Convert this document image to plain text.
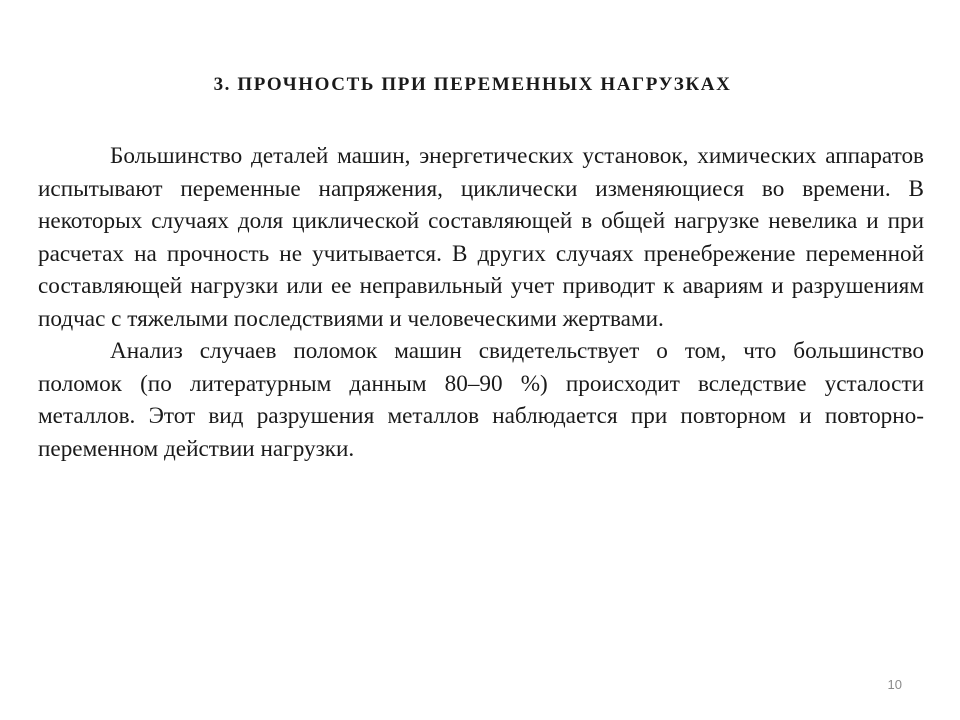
3. ПРОЧНОСТЬ ПРИ ПЕРЕМЕННЫХ НАГРУЗКАХ

Большинство деталей машин, энергетических установок, химических аппаратов испытывают переменные напряжения, циклически изменяющиеся во времени. В некоторых случаях доля циклической составляющей в общей нагрузке невелика и при расчетах на прочность не учитывается. В других случаях пренебрежение переменной составляющей нагрузки или ее неправильный учет приводит к авариям и разрушениям подчас с тяжелыми последствиями и человеческими жертвами.

Анализ случаев поломок машин свидетельствует о том, что большинство поломок (по литературным данным 80–90 %) происходит вследствие усталости металлов. Этот вид разрушения металлов наблюдается при повторном и повторно-переменном действии нагрузки.

10
